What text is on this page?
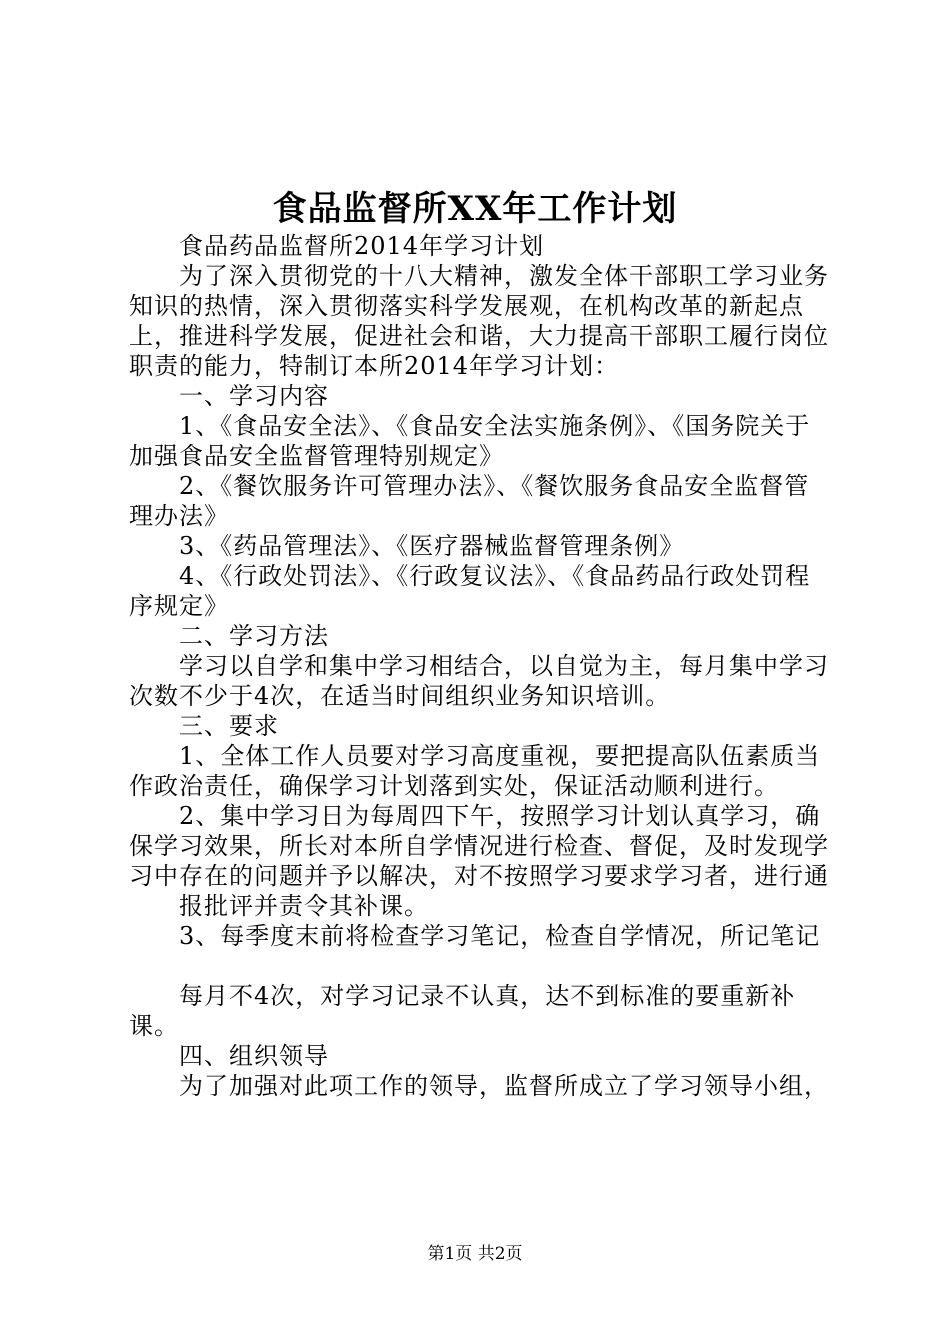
食品监督所XX年工作计划

食品药品监督所2014年学习计划

为了深入贯彻党的十八大精神，激发全体干部职工学习业务知识的热情，深入贯彻落实科学发展观，在机构改革的新起点上，推进科学发展，促进社会和谐，大力提高干部职工履行岗位职责的能力，特制订本所2014年学习计划：

一、学习内容

1、《食品安全法》、《食品安全法实施条例》、《国务院关于加强食品安全监督管理特别规定》

2、《餐饮服务许可管理办法》、《餐饮服务食品安全监督管理办法》

3、《药品管理法》、《医疗器械监督管理条例》

4、《行政处罚法》、《行政复议法》、《食品药品行政处罚程序规定》

二、学习方法

学习以自学和集中学习相结合，以自觉为主，每月集中学习次数不少于4次，在适当时间组织业务知识培训。

三、要求

1、全体工作人员要对学习高度重视，要把提高队伍素质当作政治责任，确保学习计划落到实处，保证活动顺利进行。

2、集中学习日为每周四下午，按照学习计划认真学习，确保学习效果，所长对本所自学情况进行检查、督促，及时发现学习中存在的问题并予以解决，对不按照学习要求学习者，进行通

报批评并责令其补课。

3、每季度末前将检查学习笔记，检查自学情况，所记笔记

每月不4次，对学习记录不认真，达不到标准的要重新补课。

四、组织领导

为了加强对此项工作的领导，监督所成立了学习领导小组，

第1页 共2页
